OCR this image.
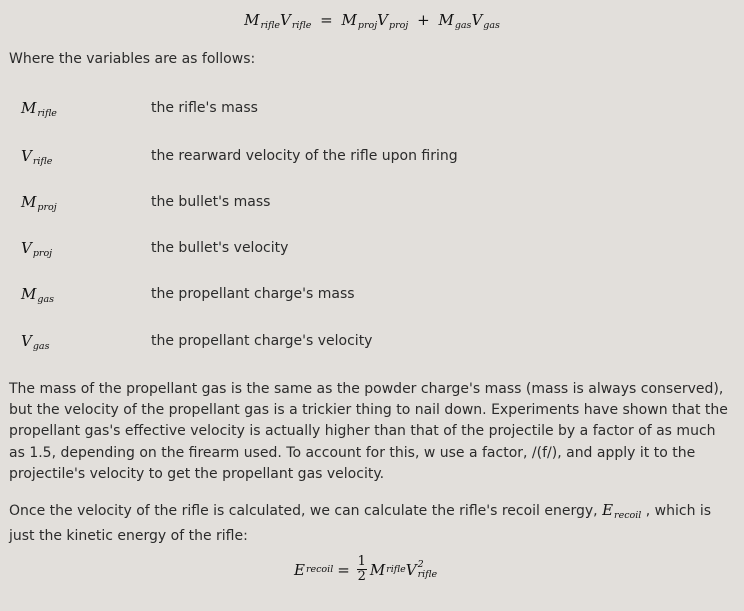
$M_{rifle}V_{rifle} = M_{proj}V_{proj} + M_{gas}V_{gas}$
Where the variables are as follows:
$M_{rifle}$	the rifle's mass
$V_{rifle}$	the rearward velocity of the rifle upon firing
$M_{proj}$	the bullet's mass
$V_{proj}$	the bullet's velocity
$M_{gas}$	the propellant charge's mass
$V_{gas}$	the propellant charge's velocity

The mass of the propellant gas is the same as the powder charge's mass (mass is always conserved), but the velocity of the propellant gas is a trickier thing to nail down. Experiments have shown that the propellant gas's effective velocity is actually higher than that of the projectile by a factor of as much as 1.5, depending on the firearm used. To account for this, w use a factor, /(f/), and apply it to the projectile's velocity to get the propellant gas velocity.

Once the velocity of the rifle is calculated, we can calculate the rifle's recoil energy, $E_{recoil}$ , which is just the kinetic energy of the rifle:

E recoil = $\frac{1}{2}$ M rifle V 2
rifle
